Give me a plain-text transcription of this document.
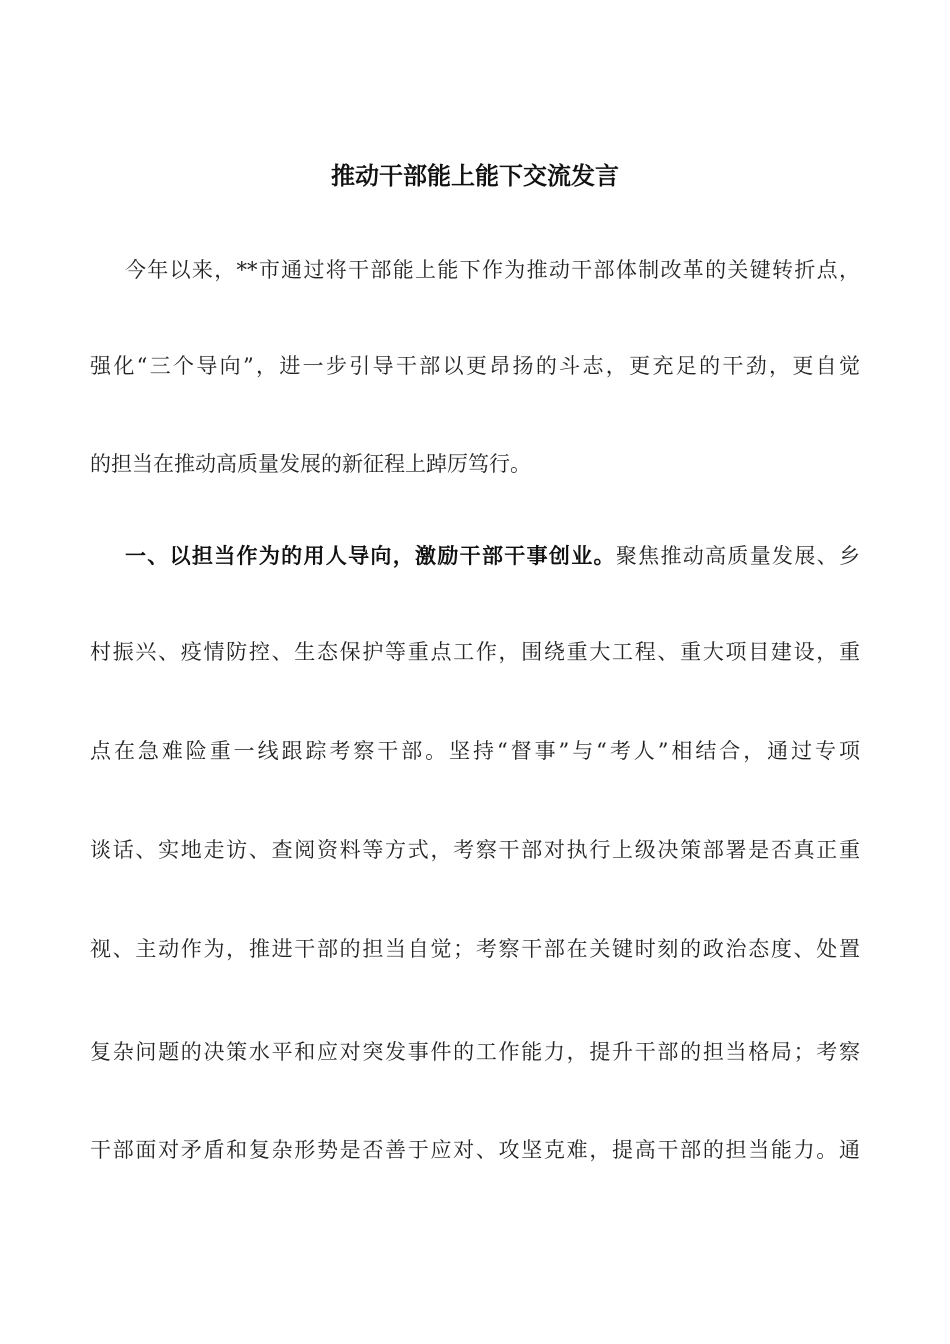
推动干部能上能下交流发言
今年以来，**市通过将干部能上能下作为推动干部体制改革的关键转折点，
强化“三个导向”，进一步引导干部以更昂扬的斗志，更充足的干劲，更自觉
的担当在推动高质量发展的新征程上踔厉笃行。
一、以担当作为的用人导向，激励干部干事创业。聚焦推动高质量发展、乡
村振兴、疫情防控、生态保护等重点工作，围绕重大工程、重大项目建设，重
点在急难险重一线跟踪考察干部。坚持“督事”与“考人”相结合，通过专项
谈话、实地走访、查阅资料等方式，考察干部对执行上级决策部署是否真正重
视、主动作为，推进干部的担当自觉；考察干部在关键时刻的政治态度、处置
复杂问题的决策水平和应对突发事件的工作能力，提升干部的担当格局；考察
干部面对矛盾和复杂形势是否善于应对、攻坚克难，提高干部的担当能力。通
